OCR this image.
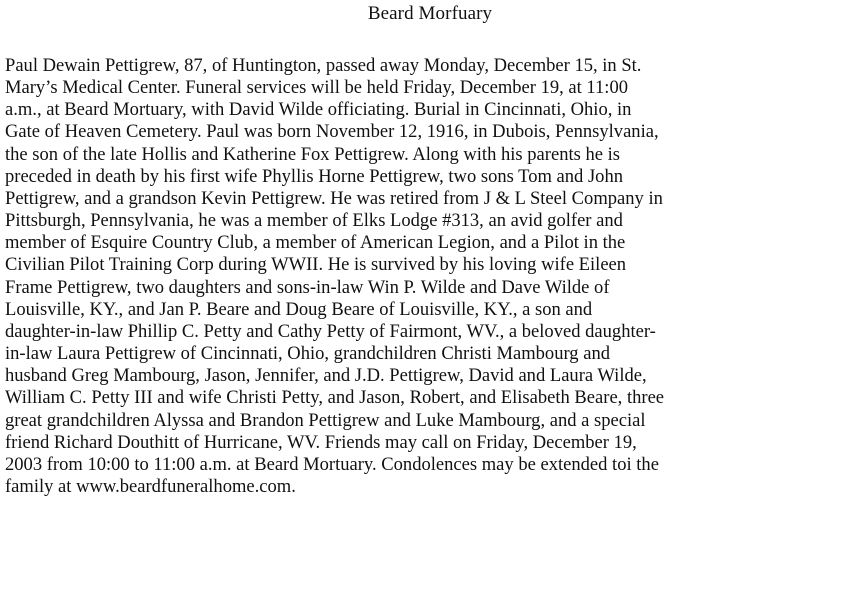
Beard Morfuary
Paul Dewain Pettigrew, 87, of Huntington, passed away Monday, December 15, in St.
Mary’s Medical Center. Funeral services will be held Friday, December 19, at 11:00
a.m., at Beard Mortuary, with David Wilde officiating. Burial in Cincinnati, Ohio, in
Gate of Heaven Cemetery. Paul was born November 12, 1916, in Dubois, Pennsylvania,
the son of the late Hollis and Katherine Fox Pettigrew. Along with his parents he is
preceded in death by his first wife Phyllis Horne Pettigrew, two sons Tom and John
Pettigrew, and a grandson Kevin Pettigrew. He was retired from J & L Steel Company in
Pittsburgh, Pennsylvania, he was a member of Elks Lodge #313, an avid golfer and
member of Esquire Country Club, a member of American Legion, and a Pilot in the
Civilian Pilot Training Corp during WWII. He is survived by his loving wife Eileen
Frame Pettigrew, two daughters and sons-in-law Win P. Wilde and Dave Wilde of
Louisville, KY., and Jan P. Beare and Doug Beare of Louisville, KY., a son and
daughter-in-law Phillip C. Petty and Cathy Petty of Fairmont, WV., a beloved daughter-
in-law Laura Pettigrew of Cincinnati, Ohio, grandchildren Christi Mambourg and
husband Greg Mambourg, Jason, Jennifer, and J.D. Pettigrew, David and Laura Wilde,
William C. Petty III and wife Christi Petty, and Jason, Robert, and Elisabeth Beare, three
great grandchildren Alyssa and Brandon Pettigrew and Luke Mambourg, and a special
friend Richard Douthitt of Hurricane, WV. Friends may call on Friday, December 19,
2003 from 10:00 to 11:00 a.m. at Beard Mortuary. Condolences may be extended toi the
family at www.beardfuneralhome.com.
